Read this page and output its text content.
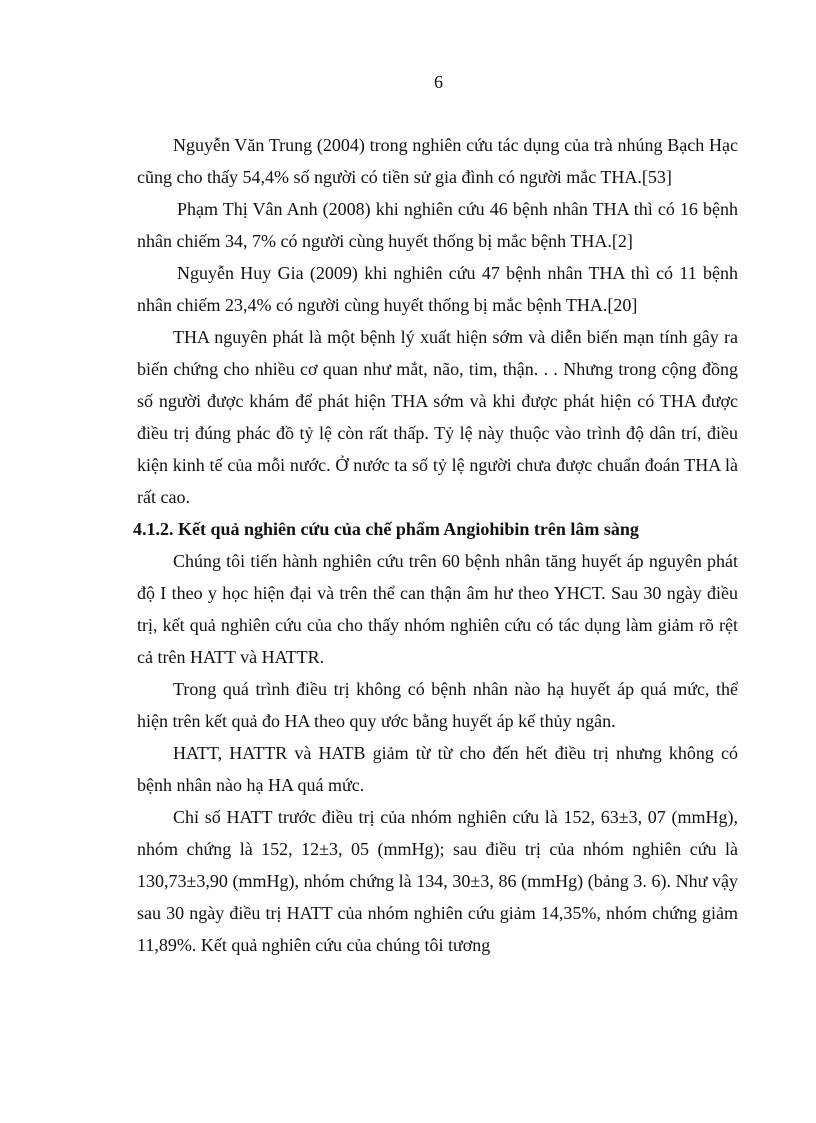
6

Nguyễn Văn Trung (2004) trong nghiên cứu tác dụng của trà nhúng Bạch Hạc cũng cho thấy 54,4% số người có tiền sử gia đình có người mắc THA.[53]

Phạm Thị Vân Anh (2008) khi nghiên cứu 46 bệnh nhân THA thì có 16 bệnh nhân chiếm 34, 7% có người cùng huyết thống bị mắc bệnh THA.[2]

Nguyễn Huy Gia (2009) khi nghiên cứu 47 bệnh nhân THA thì có 11 bệnh nhân chiếm 23,4% có người cùng huyết thống bị mắc bệnh THA.[20]

THA nguyên phát là một bệnh lý xuất hiện sớm và diễn biến mạn tính gây ra biến chứng cho nhiều cơ quan như mắt, não, tim, thận. . . Nhưng trong cộng đồng số người được khám để phát hiện THA sớm và khi được phát hiện có THA được điều trị đúng phác đồ tỷ lệ còn rất thấp. Tỷ lệ này thuộc vào trình độ dân trí, điều kiện kinh tế của mỗi nước. Ở nước ta số tỷ lệ người chưa được chuẩn đoán THA là rất cao.

4.1.2. Kết quả nghiên cứu của chế phẩm Angiohibin trên lâm sàng

Chúng tôi tiến hành nghiên cứu trên 60 bệnh nhân tăng huyết áp nguyên phát độ I theo y học hiện đại và trên thể can thận âm hư theo YHCT. Sau 30 ngày điều trị, kết quả nghiên cứu của cho thấy nhóm nghiên cứu có tác dụng làm giảm rõ rệt cả trên HATT và HATTR.

Trong quá trình điều trị không có bệnh nhân nào hạ huyết áp quá mức, thể hiện trên kết quả đo HA theo quy ước bằng huyết áp kế thủy ngân.

HATT, HATTR và HATB giảm từ từ cho đến hết điều trị nhưng không có bệnh nhân nào hạ HA quá mức.

Chỉ số HATT trước điều trị của nhóm nghiên cứu là 152, 63±3, 07 (mmHg), nhóm chứng là 152, 12±3, 05 (mmHg); sau điều trị của nhóm nghiên cứu là 130,73±3,90 (mmHg), nhóm chứng là 134, 30±3, 86 (mmHg) (bảng 3. 6). Như vậy sau 30 ngày điều trị HATT của nhóm nghiên cứu giảm 14,35%, nhóm chứng giảm 11,89%. Kết quả nghiên cứu của chúng tôi tương
